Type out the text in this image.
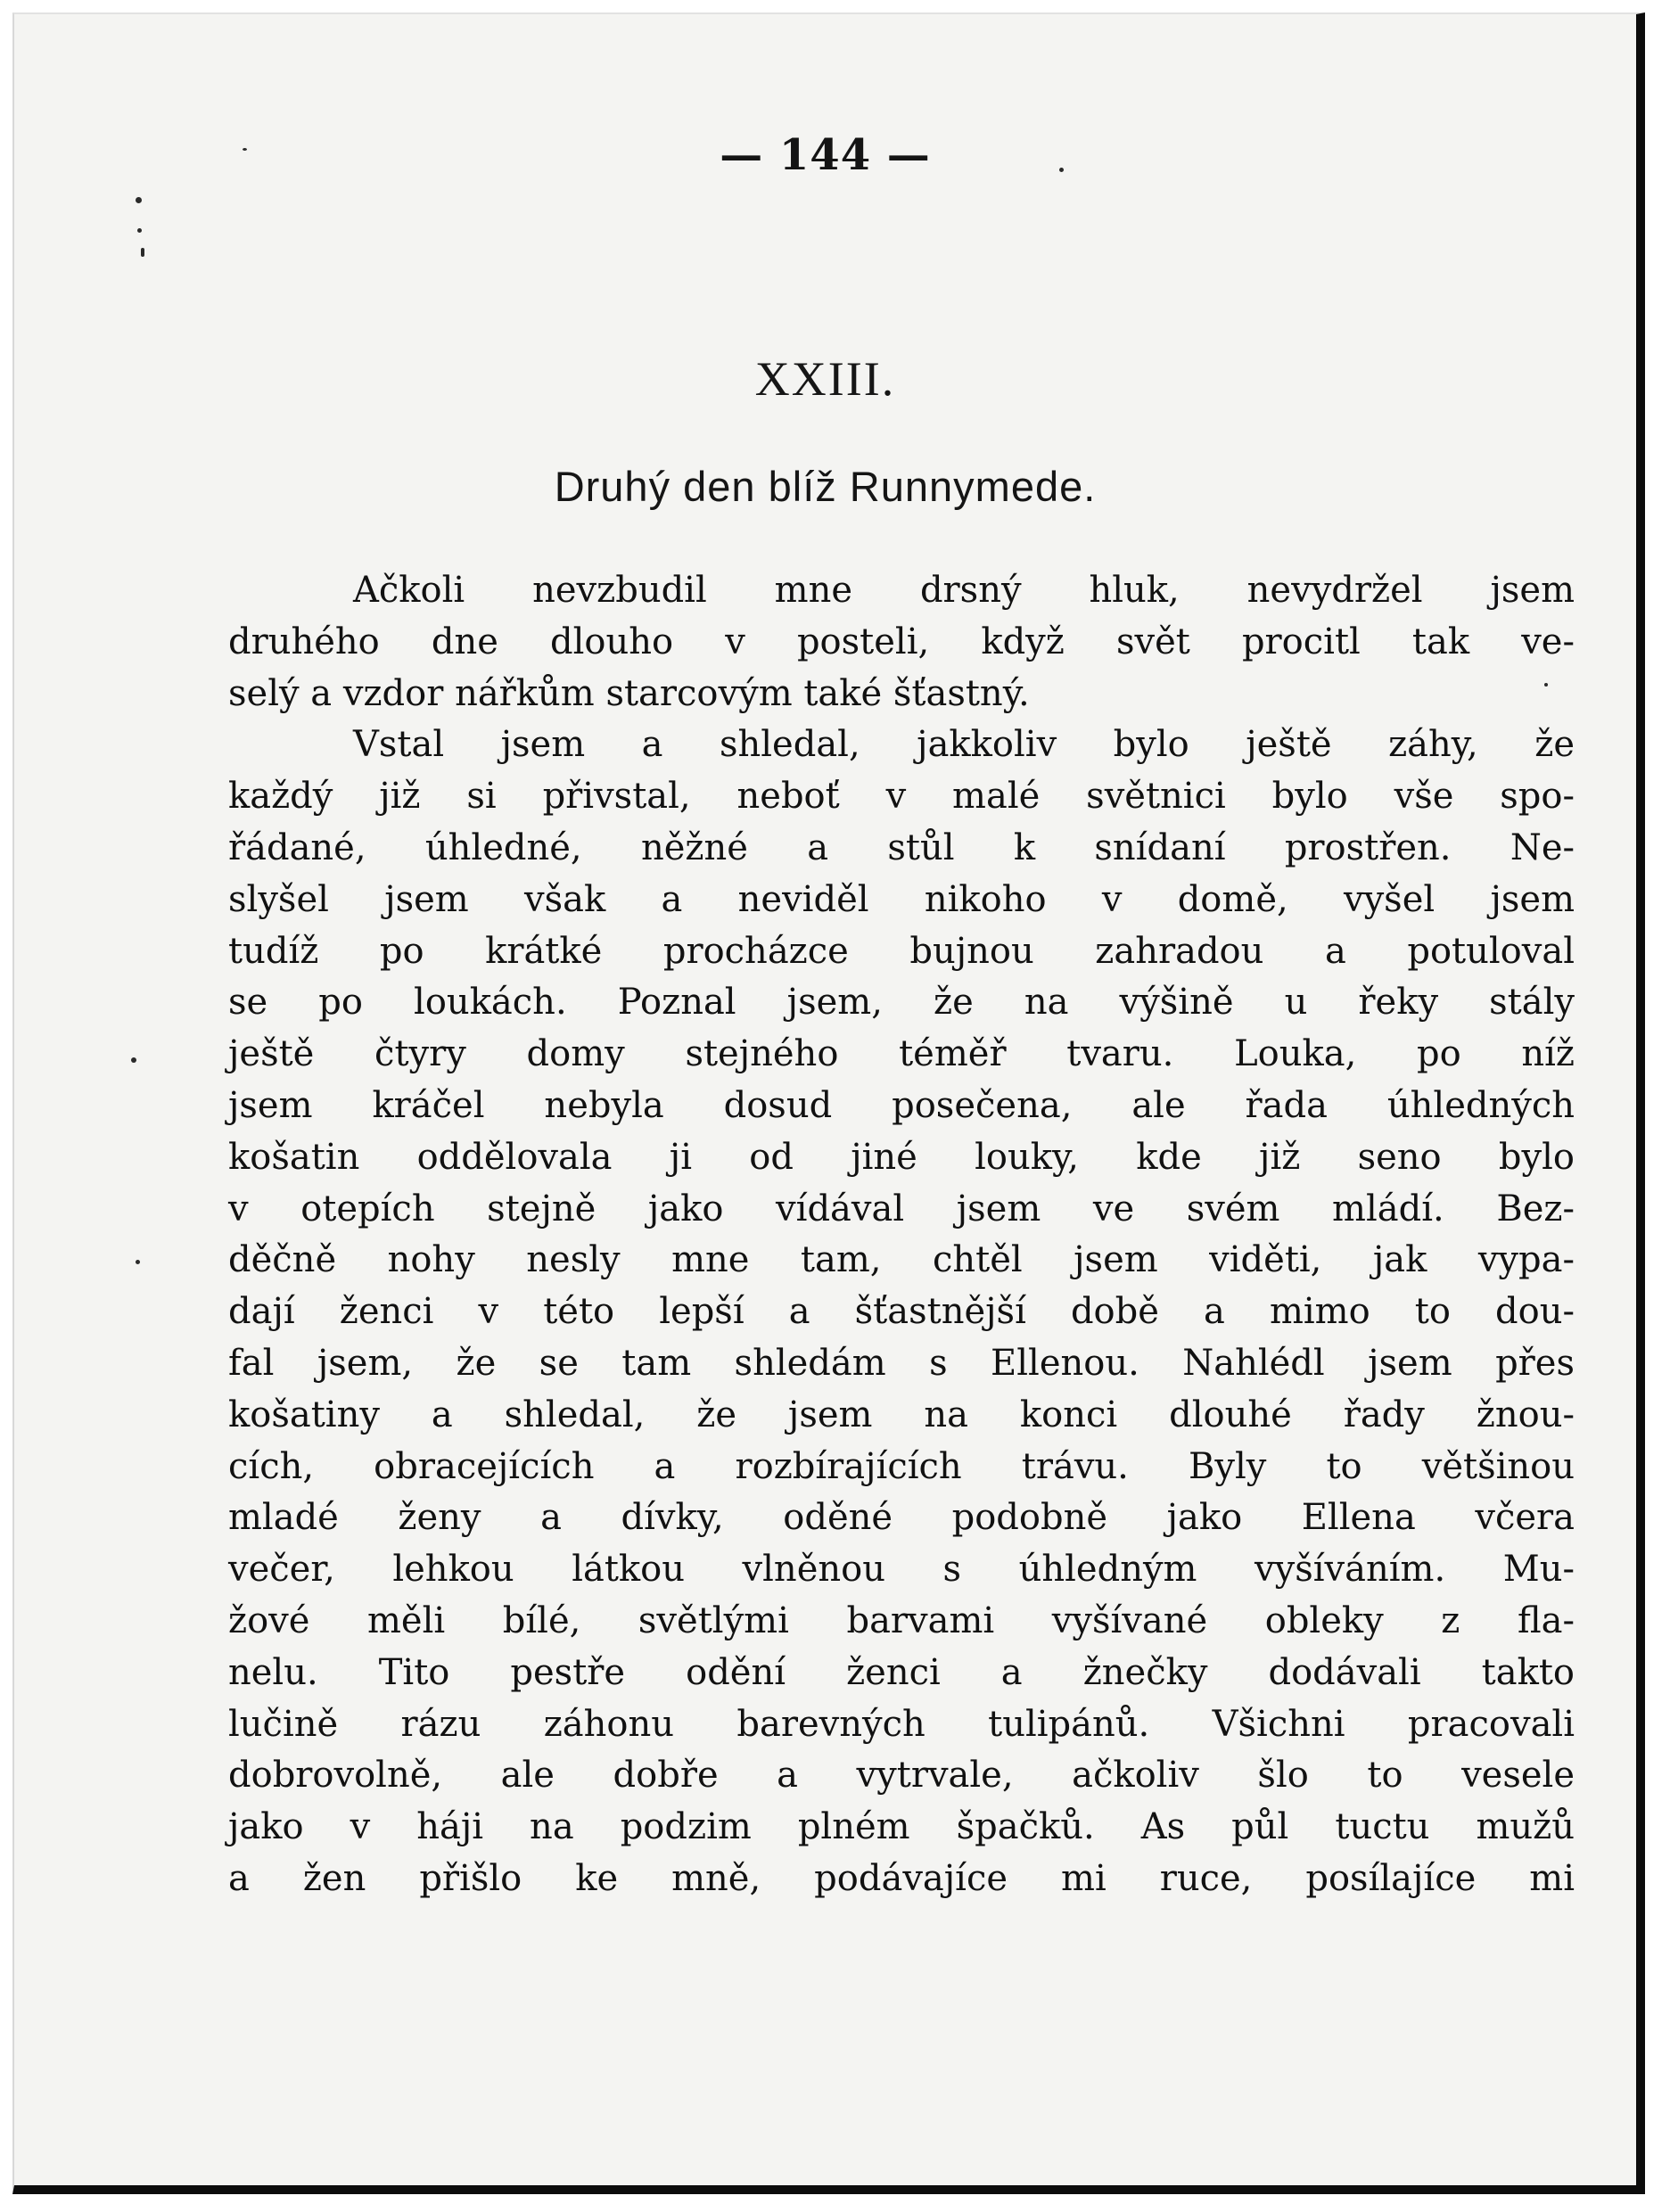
— 144 —
XXIII.
Druhý den blíž Runnymede.

Ačkoli nevzbudil mne drsný hluk, nevydržel jsem
druhého dne dlouho v posteli, když svět procitl tak ve-
selý a vzdor nářkům starcovým také šťastný.

Vstal jsem a shledal, jakkoliv bylo ještě záhy, že
každý již si přivstal, neboť v malé světnici bylo vše spo-
řádané, úhledné, něžné a stůl k snídaní prostřen. Ne-
slyšel jsem však a neviděl nikoho v domě, vyšel jsem
tudíž po krátké procházce bujnou zahradou a potuloval
se po loukách. Poznal jsem, že na výšině u řeky stály
ještě čtyry domy stejného téměř tvaru. Louka, po níž
jsem kráčel nebyla dosud posečena, ale řada úhledných
košatin oddělovala ji od jiné louky, kde již seno bylo
v otepích stejně jako vídával jsem ve svém mládí. Bez-
děčně nohy nesly mne tam, chtěl jsem viděti, jak vypa-
dají ženci v této lepší a šťastnější době a mimo to dou-
fal jsem, že se tam shledám s Ellenou. Nahlédl jsem přes
košatiny a shledal, že jsem na konci dlouhé řady žnou-
cích, obracejících a rozbírajících trávu. Byly to většinou
mladé ženy a dívky, oděné podobně jako Ellena včera
večer, lehkou látkou vlněnou s úhledným vyšíváním. Mu-
žové měli bílé, světlými barvami vyšívané obleky z fla-
nelu. Tito pestře odění ženci a žnečky dodávali takto
lučině rázu záhonu barevných tulipánů. Všichni pracovali
dobrovolně, ale dobře a vytrvale, ačkoliv šlo to vesele
jako v háji na podzim plném špačků. As půl tuctu mužů
a žen přišlo ke mně, podávajíce mi ruce, posílajíce mi
